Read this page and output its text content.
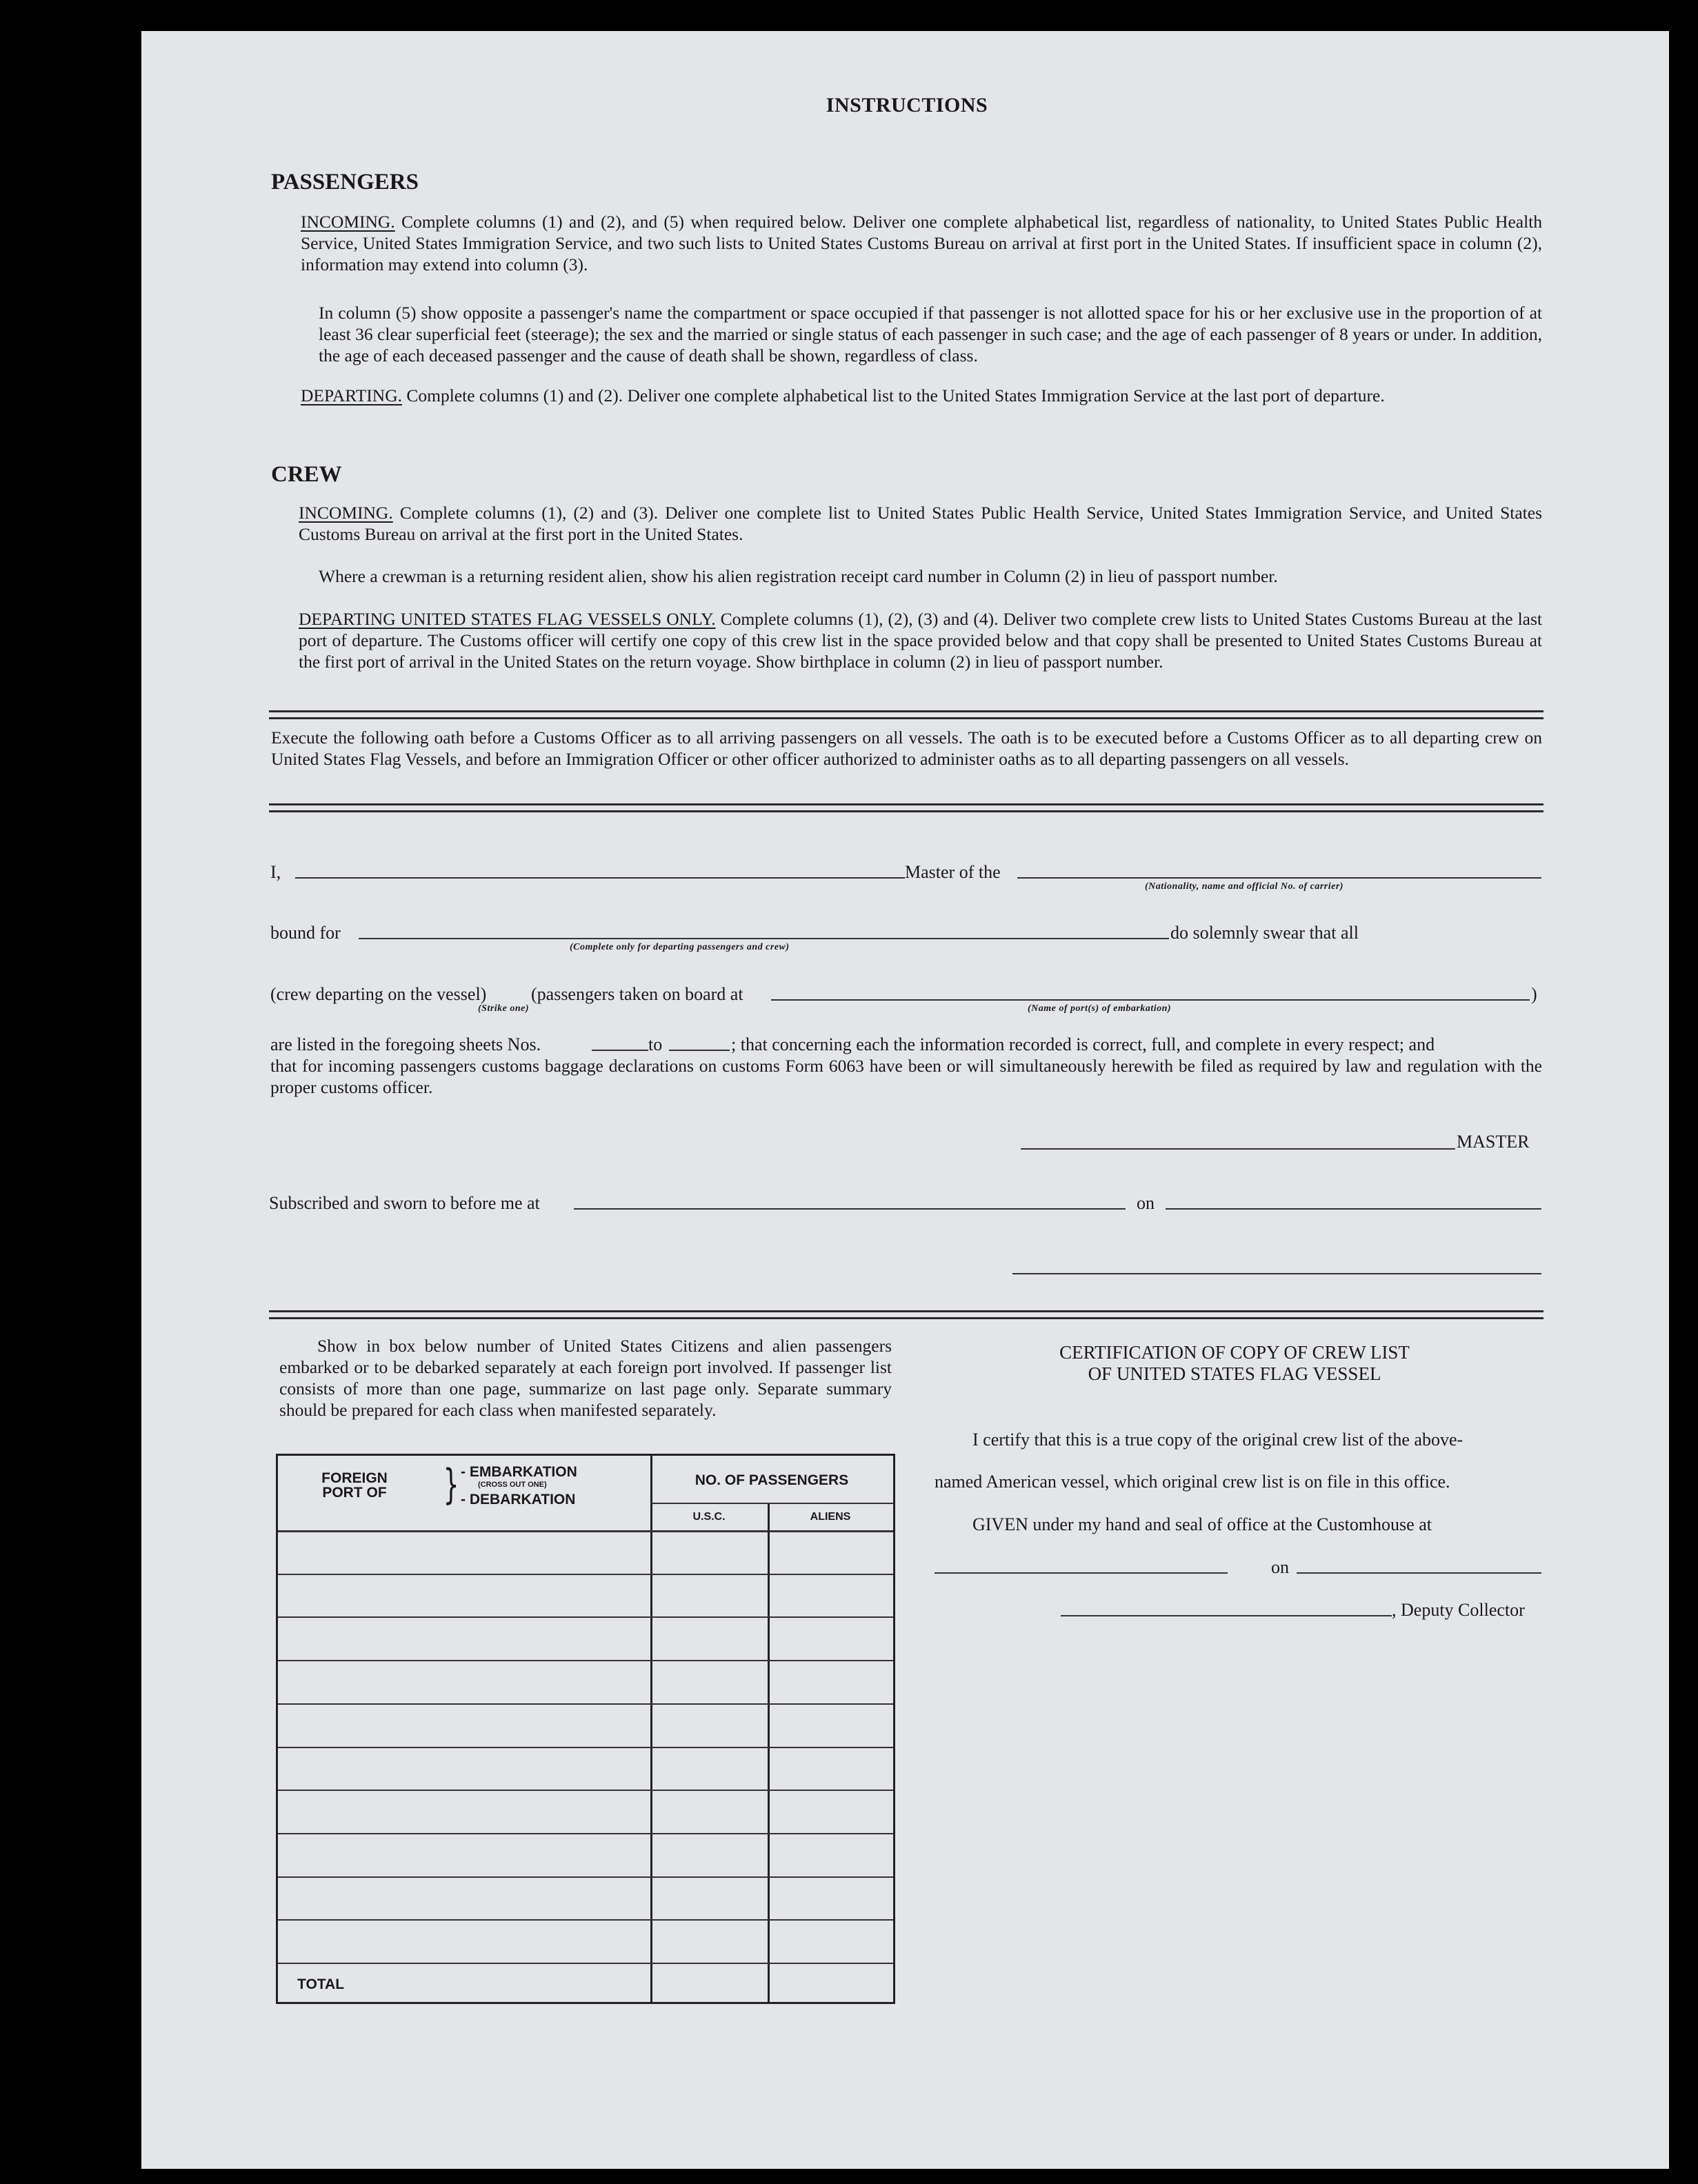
INSTRUCTIONS
PASSENGERS
INCOMING. Complete columns (1) and (2), and (5) when required below. Deliver one complete alphabetical list, regardless of nationality, to United States Public Health Service, United States Immigration Service, and two such lists to United States Customs Bureau on arrival at first port in the United States. If insufficient space in column (2), information may extend into column (3).
In column (5) show opposite a passenger's name the compartment or space occupied if that passenger is not allotted space for his or her exclusive use in the proportion of at least 36 clear superficial feet (steerage); the sex and the married or single status of each passenger in such case; and the age of each passenger of 8 years or under. In addition, the age of each deceased passenger and the cause of death shall be shown, regardless of class.
DEPARTING. Complete columns (1) and (2). Deliver one complete alphabetical list to the United States Immigration Service at the last port of departure.
CREW
INCOMING. Complete columns (1), (2) and (3). Deliver one complete list to United States Public Health Service, United States Immigration Service, and United States Customs Bureau on arrival at the first port in the United States.
Where a crewman is a returning resident alien, show his alien registration receipt card number in Column (2) in lieu of passport number.
DEPARTING UNITED STATES FLAG VESSELS ONLY. Complete columns (1), (2), (3) and (4). Deliver two complete crew lists to United States Customs Bureau at the last port of departure. The Customs officer will certify one copy of this crew list in the space provided below and that copy shall be presented to United States Customs Bureau at the first port of arrival in the United States on the return voyage. Show birthplace in column (2) in lieu of passport number.
Execute the following oath before a Customs Officer as to all arriving passengers on all vessels. The oath is to be executed before a Customs Officer as to all departing crew on United States Flag Vessels, and before an Immigration Officer or other officer authorized to administer oaths as to all departing passengers on all vessels.
I,	Master of the
(Nationality, name and official No. of carrier)
bound for
(Complete only for departing passengers and crew)
do solemnly swear that all
(crew departing on the vessel)
(Strike one)
(passengers taken on board at	)
(Name of port(s) of embarkation)
are listed in the foregoing sheets Nos.	to	; that concerning each the information recorded is correct, full, and complete in every respect; and
that for incoming passengers customs baggage declarations on customs Form 6063 have been or will simultaneously herewith be filed as required by law and regulation with the proper customs officer.
MASTER
Subscribed and sworn to before me at	on
Show in box below number of United States Citizens and alien passengers embarked or to be debarked separately at each foreign port involved. If passenger list consists of more than one page, summarize on last page only. Separate summary should be prepared for each class when manifested separately.
FOREIGN PORT OF	} - EMBARKATION
(CROSS OUT ONE)
- DEBARKATION
NO. OF PASSENGERS
U.S.C.	ALIENS
TOTAL
CERTIFICATION OF COPY OF CREW LIST
OF UNITED STATES FLAG VESSEL
I certify that this is a true copy of the original crew list of the above-
named American vessel, which original crew list is on file in this office.
GIVEN under my hand and seal of office at the Customhouse at
on
, Deputy Collector
